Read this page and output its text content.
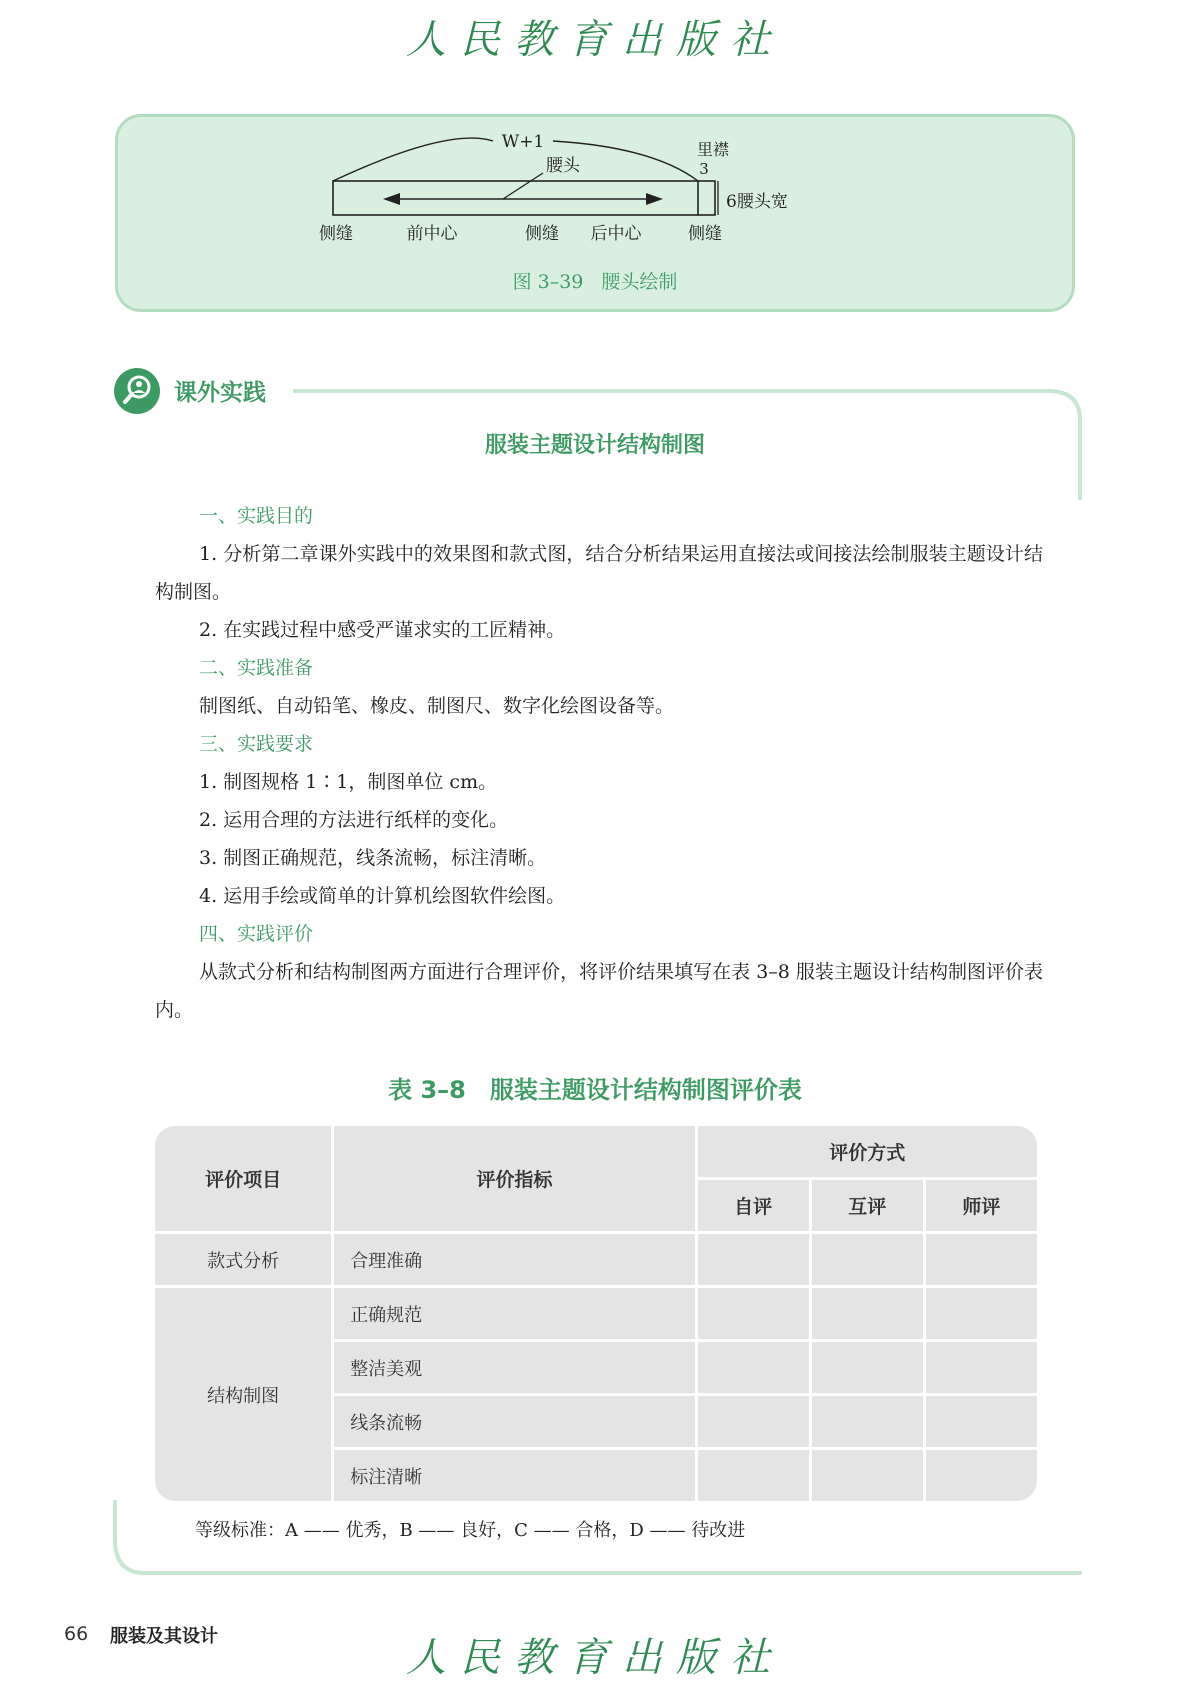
人民教育出版社
W+1
腰头
里襟
3
6腰头宽
侧缝	前中心	侧缝 后中心	侧缝
图 3–39 腰头绘制
课外实践
服装主题设计结构制图

一、实践目的

1. 分析第二章课外实践中的效果图和款式图，结合分析结果运用直接法或间接法绘制服装主题设计结构制图。

2. 在实践过程中感受严谨求实的工匠精神。

二、实践准备

制图纸、自动铅笔、橡皮、制图尺、数字化绘图设备等。

三、实践要求

1. 制图规格 1∶1，制图单位 cm。

2. 运用合理的方法进行纸样的变化。

3. 制图正确规范，线条流畅，标注清晰。

4. 运用手绘或简单的计算机绘图软件绘图。

四、实践评价

从款式分析和结构制图两方面进行合理评价，将评价结果填写在表 3–8 服装主题设计结构制图评价表内。

表 3–8 服装主题设计结构制图评价表
评价项目	评价指标	评价方式		
		自评	互评	师评
款式分析	合理准确			
结构制图	正确规范			
	整洁美观			
	线条流畅			
	标注清晰			
等级标准：A —— 优秀，B —— 良好，C —— 合格，D —— 待改进
66 服装及其设计	人民教育出版社
